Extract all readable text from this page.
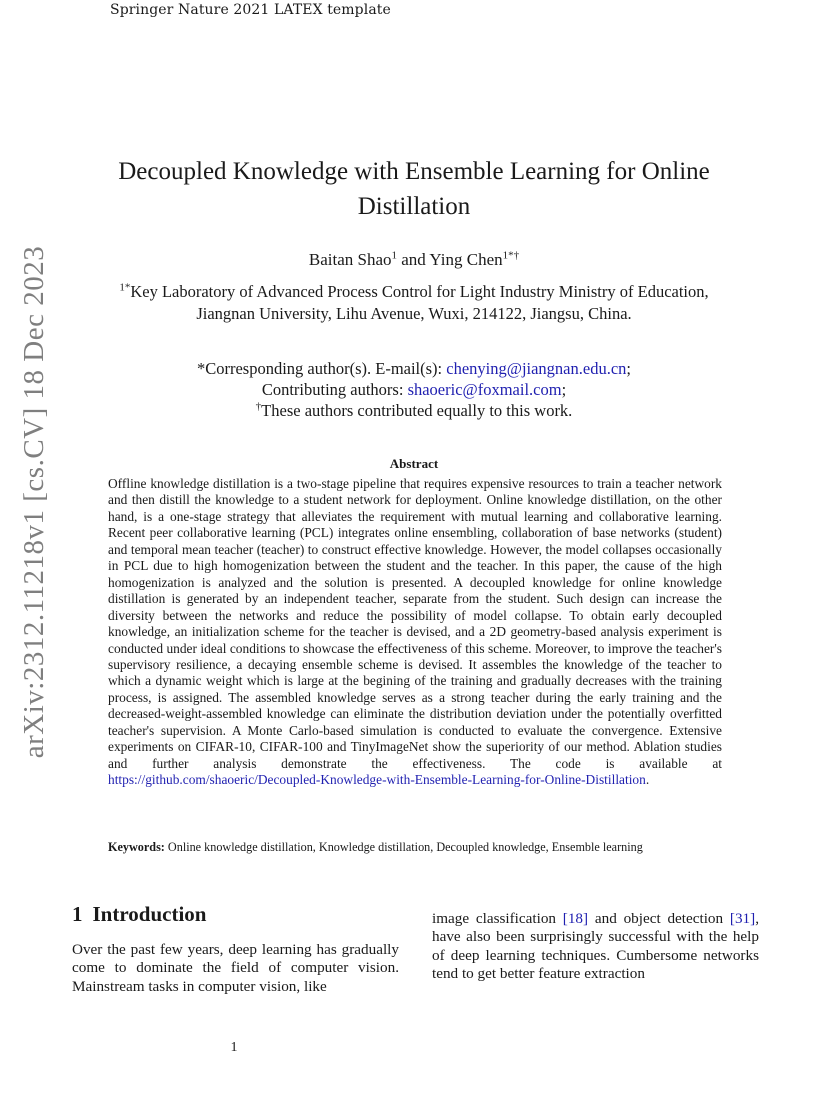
Springer Nature 2021 LATEX template
arXiv:2312.11218v1 [cs.CV] 18 Dec 2023
Decoupled Knowledge with Ensemble Learning for Online
Distillation
Baitan Shao$^1$ and Ying Chen$^{1*\dagger}$
$^{1*}$Key Laboratory of Advanced Process Control for Light Industry Ministry of Education,
Jiangnan University, Lihu Avenue, Wuxi, 214122, Jiangsu, China.
*Corresponding author(s). E-mail(s): chenying@jiangnan.edu.cn;
Contributing authors: shaoeric@foxmail.com;
†These authors contributed equally to this work.
Abstract
Offline knowledge distillation is a two-stage pipeline that requires expensive resources to train a teacher network and then distill the knowledge to a student network for deployment. Online knowledge distillation, on the other hand, is a one-stage strategy that alleviates the requirement with mutual learning and collaborative learning. Recent peer collaborative learning (PCL) integrates online ensembling, collaboration of base networks (student) and temporal mean teacher (teacher) to construct effective knowledge. However, the model collapses occasionally in PCL due to high homogenization between the student and the teacher. In this paper, the cause of the high homogenization is analyzed and the solution is presented. A decoupled knowledge for online knowledge distillation is generated by an independent teacher, separate from the student. Such design can increase the diversity between the networks and reduce the possibility of model collapse. To obtain early decoupled knowledge, an initialization scheme for the teacher is devised, and a 2D geometry-based analysis experiment is conducted under ideal conditions to showcase the effectiveness of this scheme. Moreover, to improve the teacher's supervisory resilience, a decaying ensemble scheme is devised. It assembles the knowledge of the teacher to which a dynamic weight which is large at the begining of the training and gradually decreases with the training process, is assigned. The assembled knowledge serves as a strong teacher during the early training and the decreased-weight-assembled knowledge can eliminate the distribution deviation under the potentially overfitted teacher's supervision. A Monte Carlo-based simulation is conducted to evaluate the convergence. Extensive experiments on CIFAR-10, CIFAR-100 and TinyImageNet show the superiority of our method. Ablation studies and further analysis demonstrate the effectiveness. The code is available at https://github.com/shaoeric/Decoupled-Knowledge-with-Ensemble-Learning-for-Online-Distillation.
Keywords: Online knowledge distillation, Knowledge distillation, Decoupled knowledge, Ensemble learning
1 Introduction
Over the past few years, deep learning has gradually come to dominate the field of computer vision. Mainstream tasks in computer vision, like
image classification [18] and object detection [31], have also been surprisingly successful with the help of deep learning techniques. Cumbersome networks tend to get better feature extraction
1
